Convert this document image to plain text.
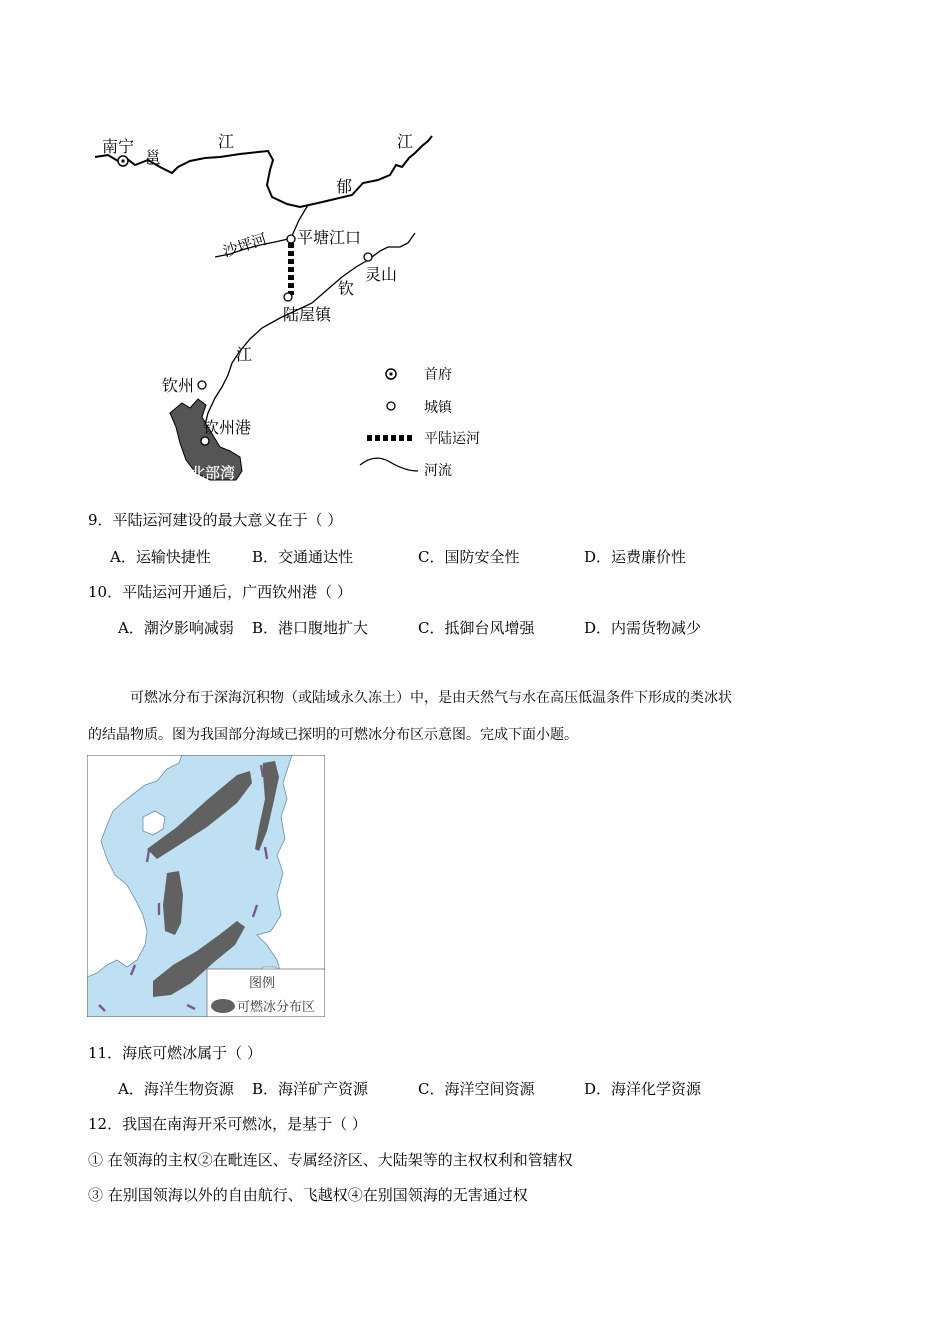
南宁
邕
江	江
郁
沙坪河 平塘江口
灵山
钦
陆屋镇
江
钦州
钦州港
北部湾
首府
城镇
平陆运河
河流
9．平陆运河建设的最大意义在于（ ）
A．运输快捷性	B．交通通达性	C．国防安全性	D．运费廉价性
10．平陆运河开通后，广西钦州港（ ）
A．潮汐影响减弱 B．港口腹地扩大	C．抵御台风增强	D．内需货物减少
可燃冰分布于深海沉积物（或陆域永久冻土）中，是由天然气与水在高压低温条件下形成的类冰状
的结晶物质。图为我国部分海域已探明的可燃冰分布区示意图。完成下面小题。
图例
可燃冰分布区
11．海底可燃冰属于（ ）
A．海洋生物资源 B．海洋矿产资源	C．海洋空间资源	D．海洋化学资源
12．我国在南海开采可燃冰，是基于（ ）
① 在领海的主权②在毗连区、专属经济区、大陆架等的主权权利和管辖权
③ 在别国领海以外的自由航行、飞越权④在别国领海的无害通过权
